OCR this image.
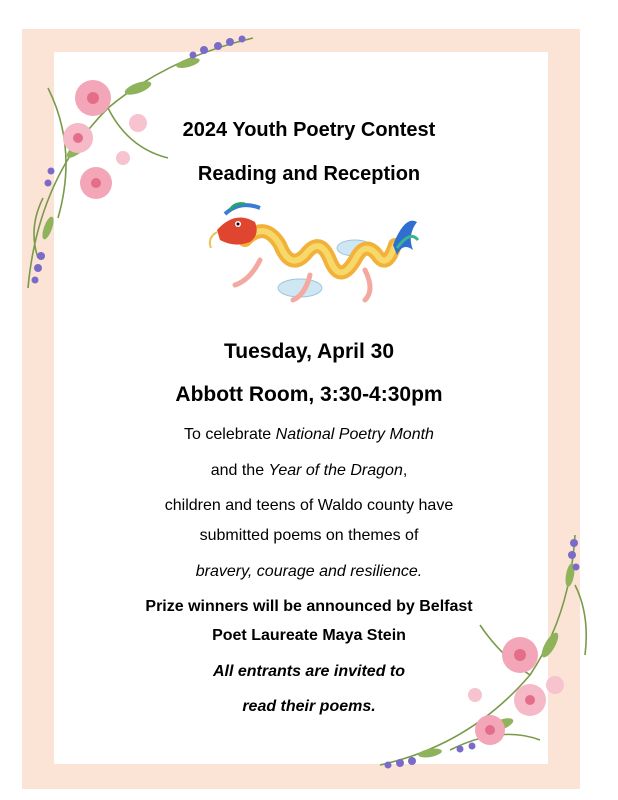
2024 Youth Poetry Contest
Reading and Reception
Tuesday, April 30
Abbott Room, 3:30-4:30pm
To celebrate National Poetry Month
and the Year of the Dragon,
children and teens of Waldo county have
submitted poems on themes of
bravery, courage and resilience.
Prize winners will be announced by Belfast
Poet Laureate Maya Stein
All entrants are invited to
read their poems.
